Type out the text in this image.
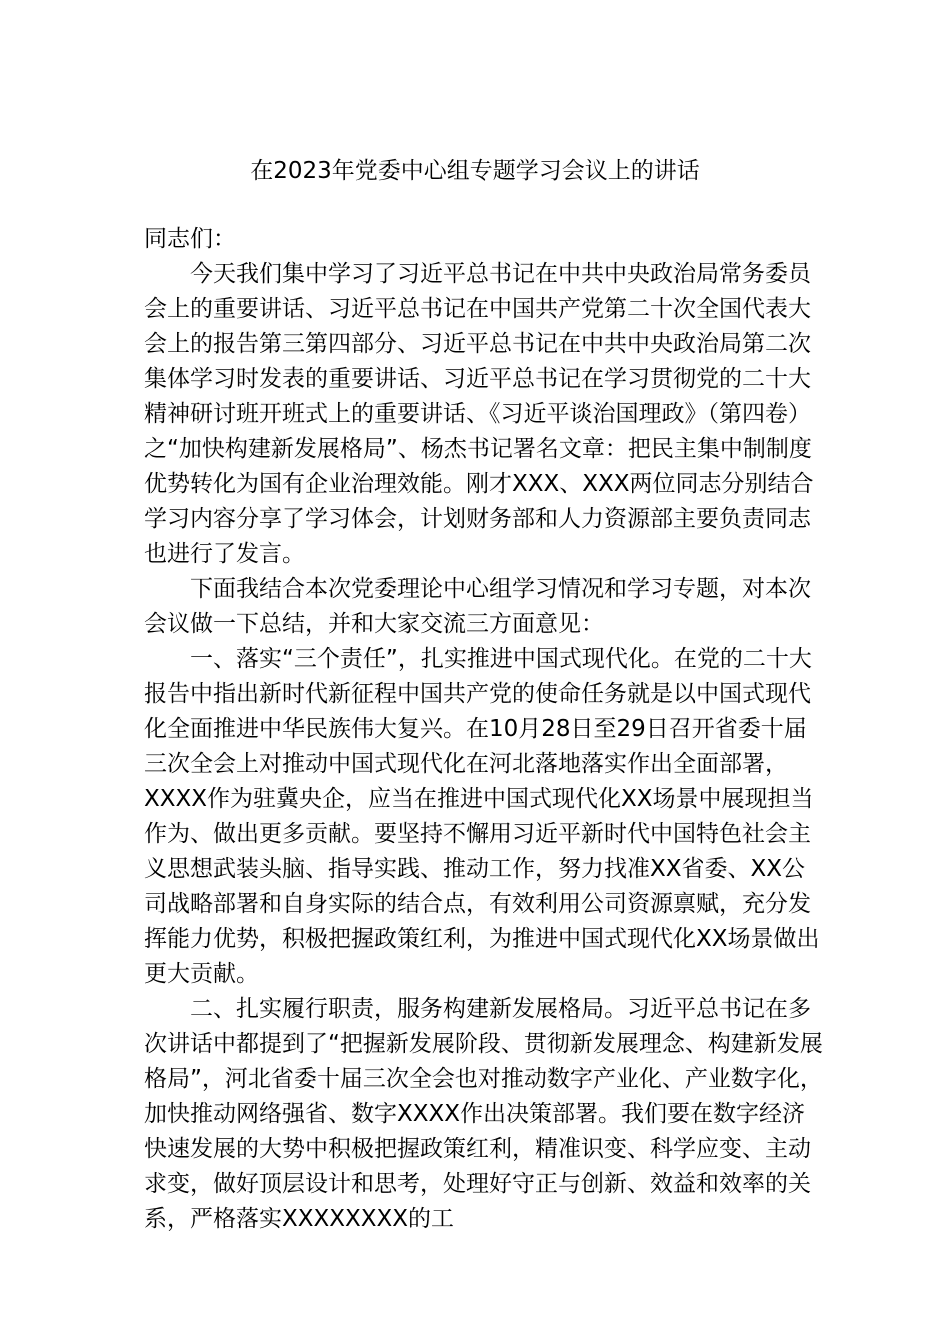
在2023年党委中心组专题学习会议上的讲话

同志们：

今天我们集中学习了习近平总书记在中共中央政治局常务委员会上的重要讲话、习近平总书记在中国共产党第二十次全国代表大会上的报告第三第四部分、习近平总书记在中共中央政治局第二次集体学习时发表的重要讲话、习近平总书记在学习贯彻党的二十大精神研讨班开班式上的重要讲话、《习近平谈治国理政》（第四卷）之“加快构建新发展格局”、杨杰书记署名文章：把民主集中制制度优势转化为国有企业治理效能。刚才XXX、XXX两位同志分别结合学习内容分享了学习体会，计划财务部和人力资源部主要负责同志也进行了发言。

下面我结合本次党委理论中心组学习情况和学习专题，对本次会议做一下总结，并和大家交流三方面意见：

一、落实“三个责任”，扎实推进中国式现代化。在党的二十大报告中指出新时代新征程中国共产党的使命任务就是以中国式现代化全面推进中华民族伟大复兴。在10月28日至29日召开省委十届三次全会上对推动中国式现代化在河北落地落实作出全面部署，XXXX作为驻冀央企，应当在推进中国式现代化XX场景中展现担当作为、做出更多贡献。要坚持不懈用习近平新时代中国特色社会主义思想武装头脑、指导实践、推动工作，努力找准XX省委、XX公司战略部署和自身实际的结合点，有效利用公司资源禀赋，充分发挥能力优势，积极把握政策红利，为推进中国式现代化XX场景做出更大贡献。

二、扎实履行职责，服务构建新发展格局。习近平总书记在多次讲话中都提到了“把握新发展阶段、贯彻新发展理念、构建新发展格局”，河北省委十届三次全会也对推动数字产业化、产业数字化，加快推动网络强省、数字XXXX作出决策部署。我们要在数字经济快速发展的大势中积极把握政策红利，精准识变、科学应变、主动求变，做好顶层设计和思考，处理好守正与创新、效益和效率的关系，严格落实XXXXXXXX的工
